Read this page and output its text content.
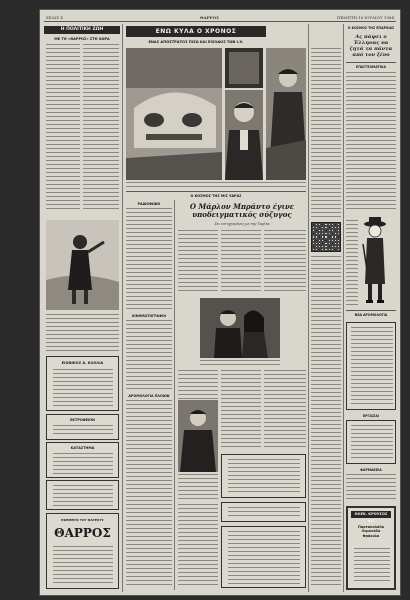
ΣΕΛΙΣ 4	ΘΑΡΡΟΣ	ΠΕΜΠΤΗ 16 ΙΟΥΛΙΟΥ 1964
Η ΠΟΛΙΤΙΚΗ ΖΩΗ
ΜΕ ΤΟ «ΘΑΡΡΟΣ» ΣΤΗ ΧΩΡΑ
ΕΙΟΝΙΚΟΣ Α. ΚΟΛΛΙΑ
ΕΚΤΡΟΦΕΙΟΝ
ΚΑΤΑΣΤΗΜΑ
ΕΦΗΜΕΡΙΣ ΤΟΥ ΘΑΡΡΟΥΣ
ΘΑΡΡΟΣ
ΕΝΩ ΚΥΛΑ Ο ΧΡΟΝΟΣ
ΕΝΑΣ ΑΠΟΣΤΡΑΤΟΣ ΠΙΣΩ ΚΑΙ ΕΙΣΟΔΟΣ ΤΩΝ Ι.Χ.
Ο ΚΟΣΜΟΣ ΤΗΣ ΜΙΣ ΥΔΡΑΣ
ΡΑΔΙΟΦΩΝΟ
ΚΙΝΗΜΑΤΟΓΡΑΦΟΙ
ΔΡΟΜΟΛΟΓΙΑ ΠΛΟΙΩΝ
Ο Μάρλον Μπράντο έγινε υποδειγματικός σύζυγος
Ζει ευτυχισμένος με την Ταρίτα
Ο ΚΟΣΜΟΣ ΤΗΣ ΕΠΑΡΧΙΑΣ
Ας πάψει ο Έλληνας να ζητά τα πάντα από τον ξένο
ΕΠΑΓΓΕΛΜΑΤΙΚΑ
ΝΕΑ ΔΡΟΜΟΛΟΓΙΑ
ΕΡΓΑΣΙΑΙ
ΦΑΡΜΑΚΕΙΑ
ΗΛΕΚ. ΚΡΟΥΣΟΣ ΦΙΣ
Πορτοκαλάδα Λεμονάδα Φράουλα
